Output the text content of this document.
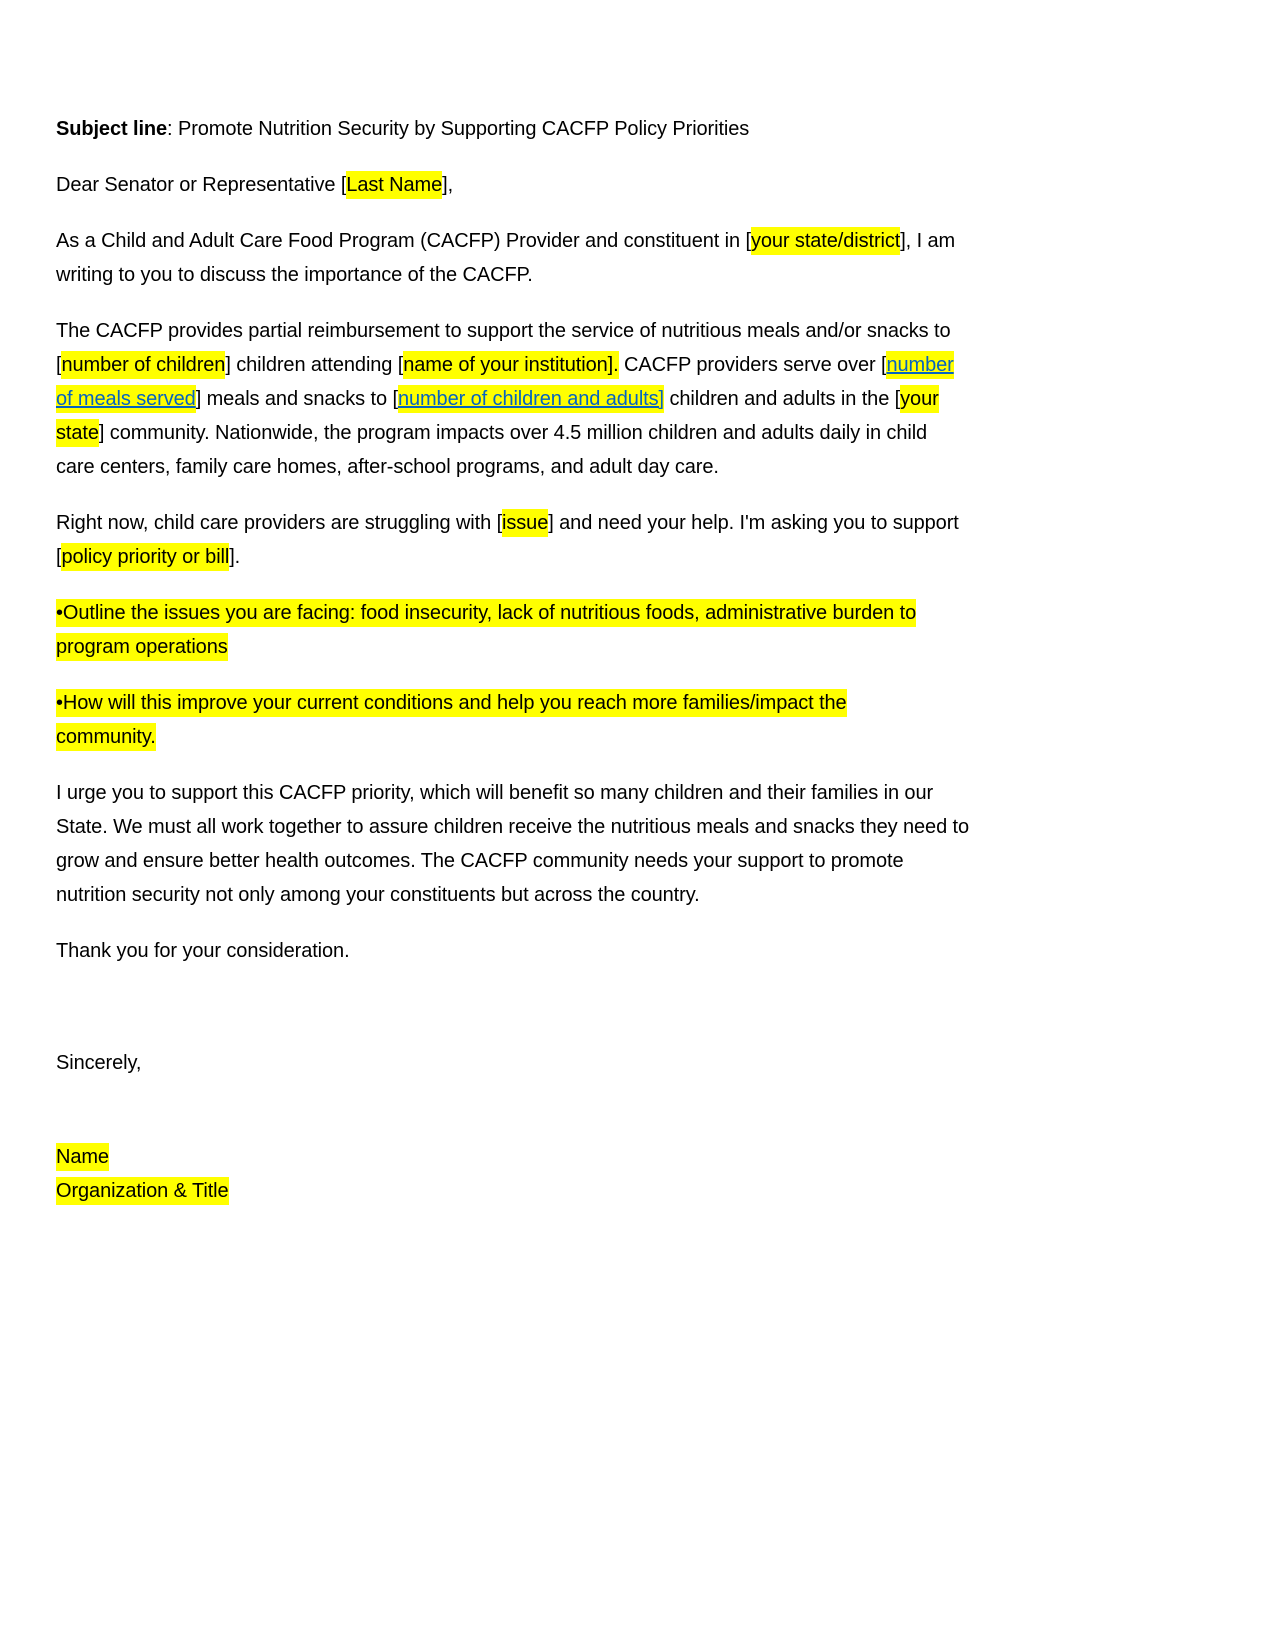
Subject line: Promote Nutrition Security by Supporting CACFP Policy Priorities

Dear Senator or Representative [Last Name],

As a Child and Adult Care Food Program (CACFP) Provider and constituent in [your state/district], I am
writing to you to discuss the importance of the CACFP.

The CACFP provides partial reimbursement to support the service of nutritious meals and/or snacks to
[number of children] children attending [name of your institution]. CACFP providers serve over [number
of meals served] meals and snacks to [number of children and adults] children and adults in the [your
state] community. Nationwide, the program impacts over 4.5 million children and adults daily in child
care centers, family care homes, after-school programs, and adult day care.

Right now, child care providers are struggling with [issue] and need your help. I'm asking you to support
[policy priority or bill].

•Outline the issues you are facing: food insecurity, lack of nutritious foods, administrative burden to
program operations

•How will this improve your current conditions and help you reach more families/impact the
community.

I urge you to support this CACFP priority, which will benefit so many children and their families in our
State. We must all work together to assure children receive the nutritious meals and snacks they need to
grow and ensure better health outcomes. The CACFP community needs your support to promote
nutrition security not only among your constituents but across the country.

Thank you for your consideration.

Sincerely,

Name
Organization & Title
